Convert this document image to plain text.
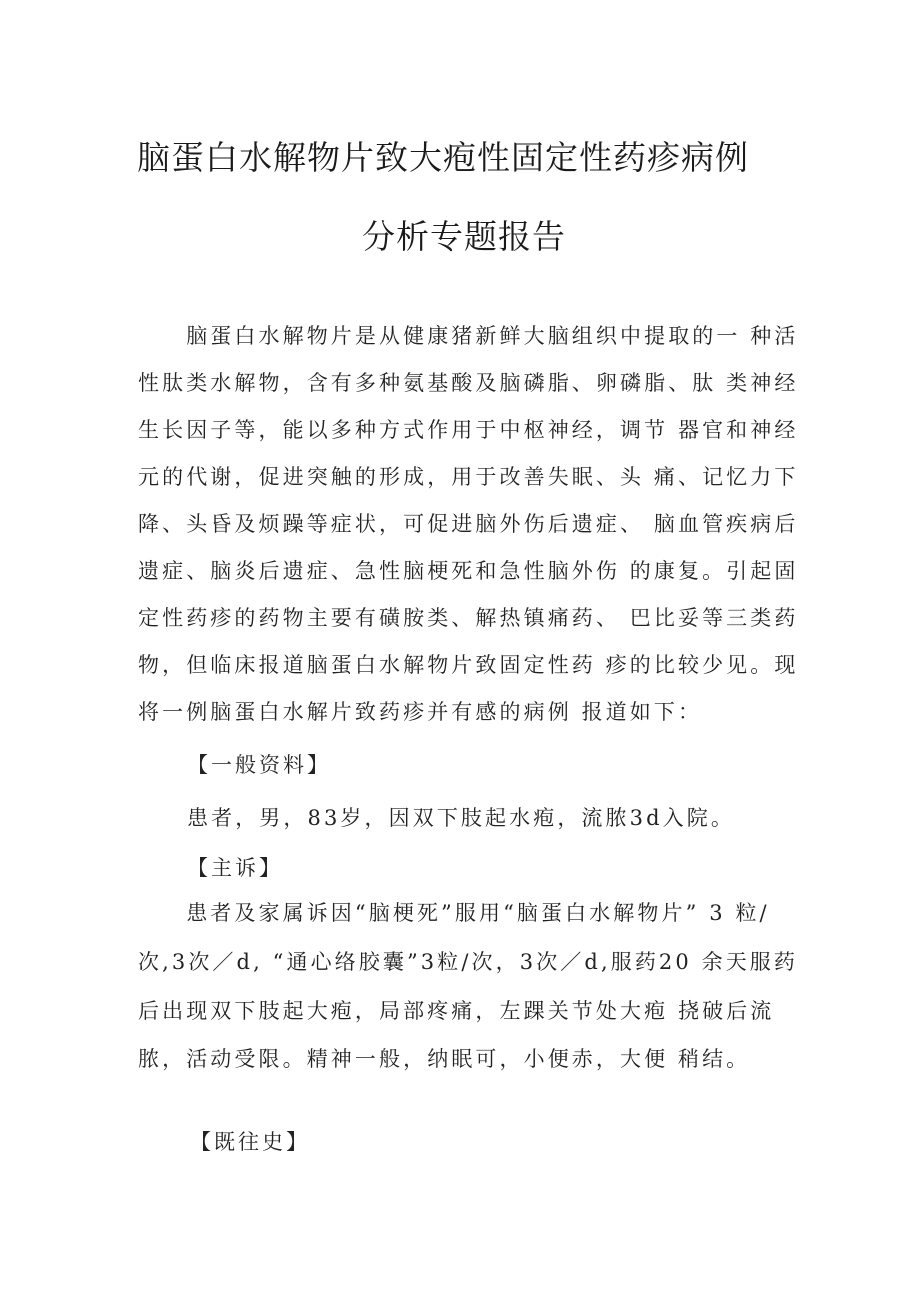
脑蛋白水解物片致大疱性固定性药疹病例
分析专题报告
　　脑蛋白水解物片是从健康猪新鲜大脑组织中提取的一 种活
性肽类水解物，含有多种氨基酸及脑磷脂、卵磷脂、肽 类神经
生长因子等，能以多种方式作用于中枢神经，调节 器官和神经
元的代谢，促进突触的形成，用于改善失眠、头 痛、记忆力下
降、头昏及烦躁等症状，可促进脑外伤后遗症、 脑血管疾病后
遗症、脑炎后遗症、急性脑梗死和急性脑外伤 的康复。引起固
定性药疹的药物主要有磺胺类、解热镇痛药、 巴比妥等三类药
物，但临床报道脑蛋白水解物片致固定性药 疹的比较少见。现
将一例脑蛋白水解片致药疹并有感的病例 报道如下：
【一般资料】
患者，男，83岁，因双下肢起水疱，流脓3d入院。
【主诉】
　　患者及家属诉因“脑梗死”服用“脑蛋白水解物片” 3 粒/
次,3次／d, “通心络胶囊”3粒/次，3次／d,服药20 余天服药
后出现双下肢起大疱，局部疼痛，左踝关节处大疱 挠破后流
脓，活动受限。精神一般，纳眠可，小便赤，大便 稍结。
【既往史】
